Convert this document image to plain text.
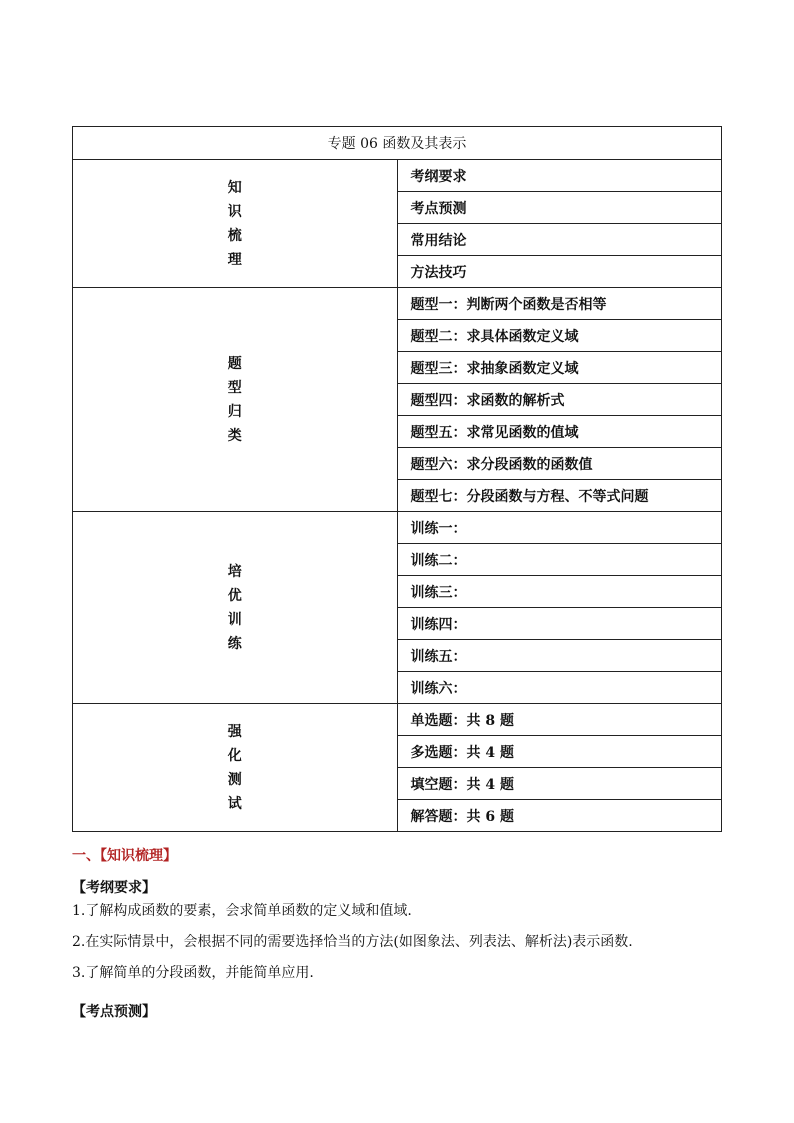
专题 06 函数及其表示	

知
识
梳
理	考纲要求
	考点预测
	常用结论
	方法技巧

题
型
归
类	题型一：判断两个函数是否相等
	题型二：求具体函数定义域
	题型三：求抽象函数定义域
	题型四：求函数的解析式
	题型五：求常见函数的值域
	题型六：求分段函数的函数值
	题型七：分段函数与方程、不等式问题

培
优
训
练	训练一：
	训练二：
	训练三：
	训练四：
	训练五：
	训练六：

强
化
测
试	单选题：共 8 题
	多选题：共 4 题
	填空题：共 4 题
	解答题：共 6 题
一、【知识梳理】
【考纲要求】
1.了解构成函数的要素，会求简单函数的定义域和值域.
2.在实际情景中，会根据不同的需要选择恰当的方法(如图象法、列表法、解析法)表示函数.
3.了解简单的分段函数，并能简单应用.
【考点预测】
